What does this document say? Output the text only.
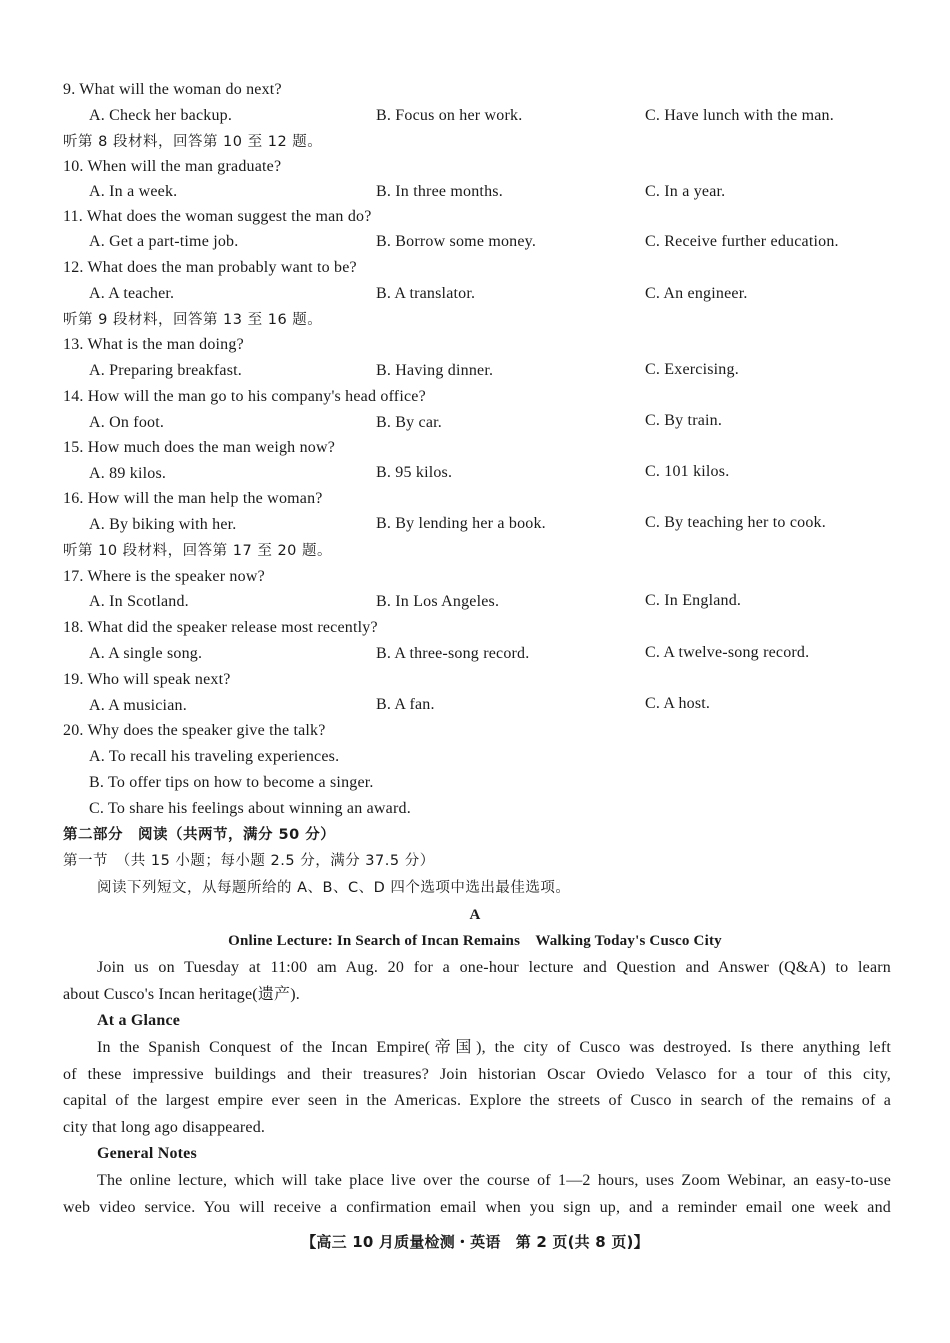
9. What will the woman do next?
A. Check her backup.	B. Focus on her work.	C. Have lunch with the man.
听第 8 段材料，回答第 10 至 12 题。
10. When will the man graduate?
A. In a week.	B. In three months.	C. In a year.
11. What does the woman suggest the man do?
A. Get a part-time job.	B. Borrow some money.	C. Receive further education.
12. What does the man probably want to be?
A. A teacher.	B. A translator.	C. An engineer.
听第 9 段材料，回答第 13 至 16 题。
13. What is the man doing?
A. Preparing breakfast.	B. Having dinner.	C. Exercising.
14. How will the man go to his company's head office?
A. On foot.	B. By car.	C. By train.
15. How much does the man weigh now?
A. 89 kilos.	B. 95 kilos.	C. 101 kilos.
16. How will the man help the woman?
A. By biking with her.	B. By lending her a book.	C. By teaching her to cook.
听第 10 段材料，回答第 17 至 20 题。
17. Where is the speaker now?
A. In Scotland.	B. In Los Angeles.	C. In England.
18. What did the speaker release most recently?
A. A single song.	B. A three-song record.	C. A twelve-song record.
19. Who will speak next?
A. A musician.	B. A fan.	C. A host.
20. Why does the speaker give the talk?
A. To recall his traveling experiences.
B. To offer tips on how to become a singer.
C. To share his feelings about winning an award.
第二部分　阅读（共两节，满分 50 分）
第一节　（共 15 小题；每小题 2.5 分，满分 37.5 分）
阅读下列短文，从每题所给的 A、B、C、D 四个选项中选出最佳选项。
A
Online Lecture: In Search of Incan Remains　Walking Today's Cusco City
Join us on Tuesday at 11:00 am Aug. 20 for a one-hour lecture and Question and Answer (Q&A) to learn
about Cusco's Incan heritage(遗产).
At a Glance
In the Spanish Conquest of the Incan Empire(帝国), the city of Cusco was destroyed. Is there anything left
of these impressive buildings and their treasures? Join historian Oscar Oviedo Velasco for a tour of this city,
capital of the largest empire ever seen in the Americas. Explore the streets of Cusco in search of the remains of a
city that long ago disappeared.
General Notes
The online lecture, which will take place live over the course of 1—2 hours, uses Zoom Webinar, an easy-to-use
web video service. You will receive a confirmation email when you sign up, and a reminder email one week and
【高三 10 月质量检测・英语　第 2 页(共 8 页)】
